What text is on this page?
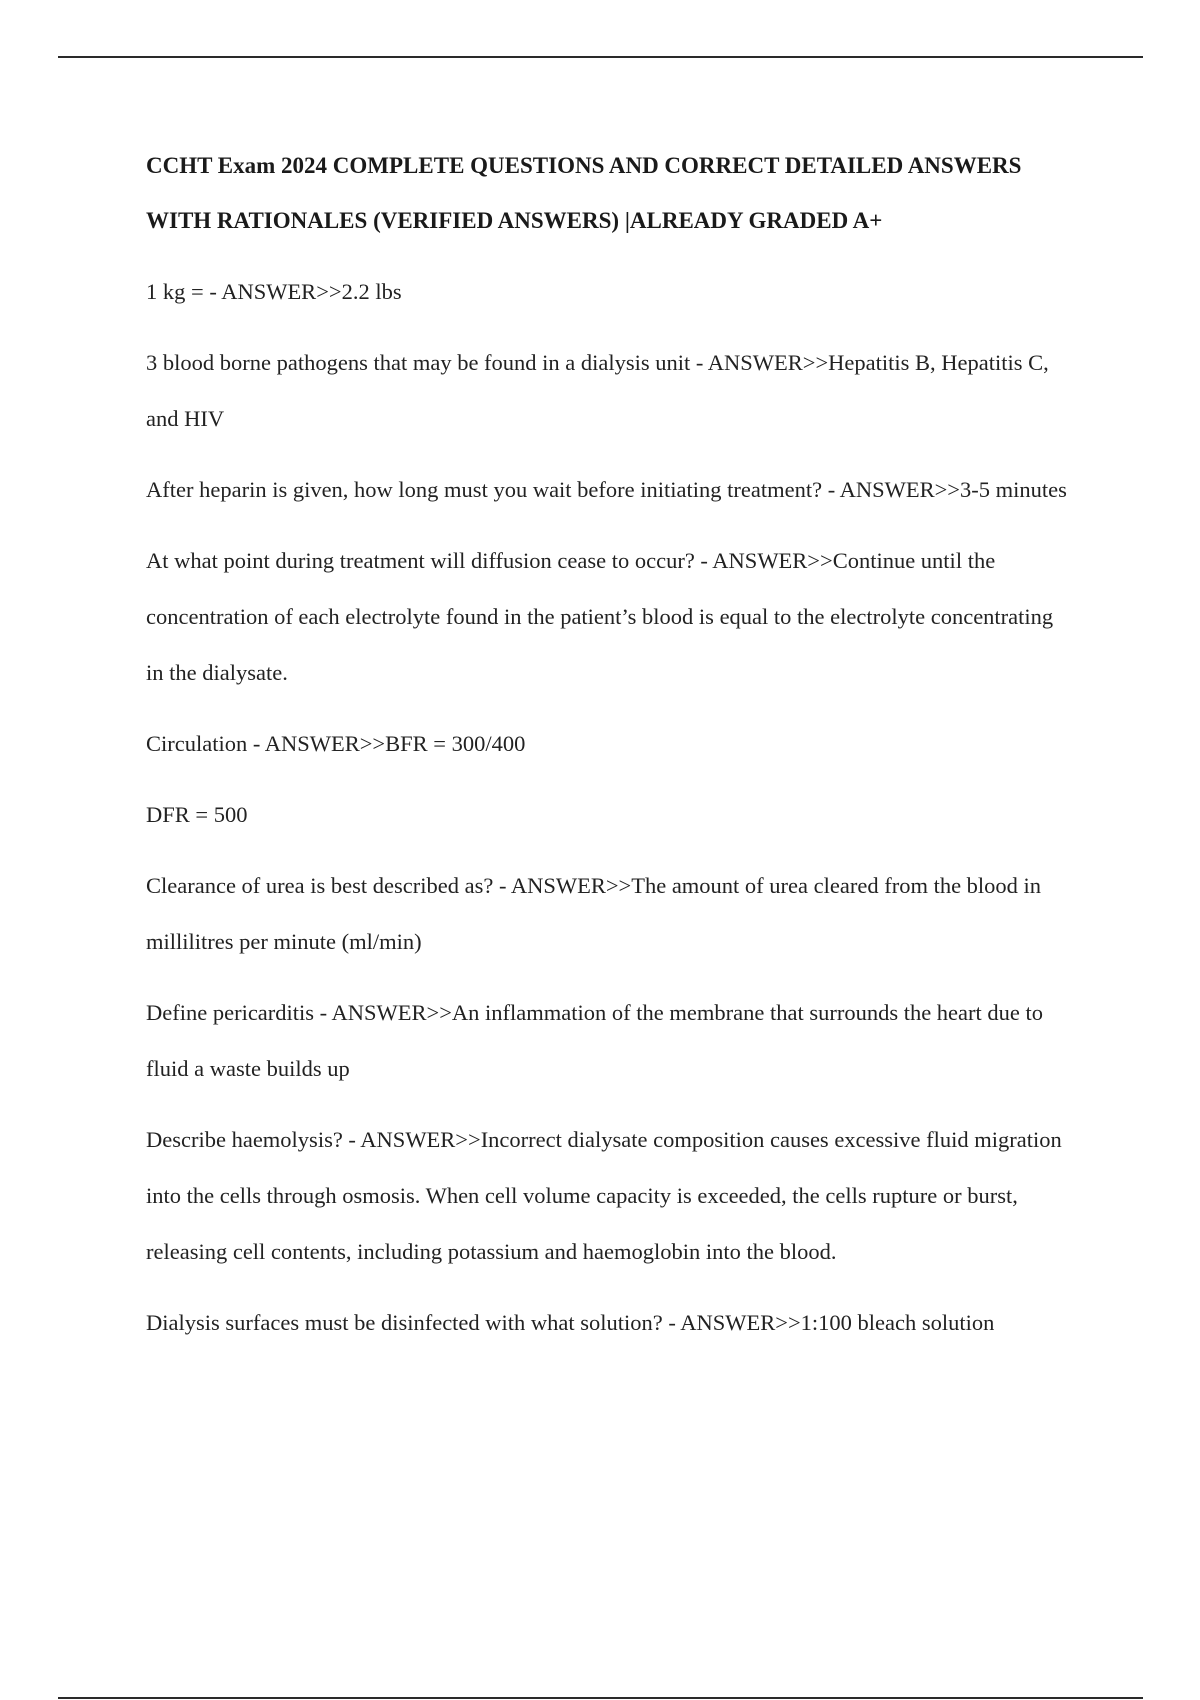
CCHT Exam 2024 COMPLETE QUESTIONS AND CORRECT DETAILED ANSWERS WITH RATIONALES (VERIFIED ANSWERS) |ALREADY GRADED A+

1 kg = - ANSWER>>2.2 lbs

3 blood borne pathogens that may be found in a dialysis unit - ANSWER>>Hepatitis B, Hepatitis C, and HIV

After heparin is given, how long must you wait before initiating treatment? - ANSWER>>3-5 minutes

At what point during treatment will diffusion cease to occur? - ANSWER>>Continue until the concentration of each electrolyte found in the patient’s blood is equal to the electrolyte concentrating in the dialysate.

Circulation - ANSWER>>BFR = 300/400

DFR = 500

Clearance of urea is best described as? - ANSWER>>The amount of urea cleared from the blood in millilitres per minute (ml/min)

Define pericarditis - ANSWER>>An inflammation of the membrane that surrounds the heart due to fluid a waste builds up

Describe haemolysis? - ANSWER>>Incorrect dialysate composition causes excessive fluid migration into the cells through osmosis. When cell volume capacity is exceeded, the cells rupture or burst, releasing cell contents, including potassium and haemoglobin into the blood.

Dialysis surfaces must be disinfected with what solution? - ANSWER>>1:100 bleach solution
